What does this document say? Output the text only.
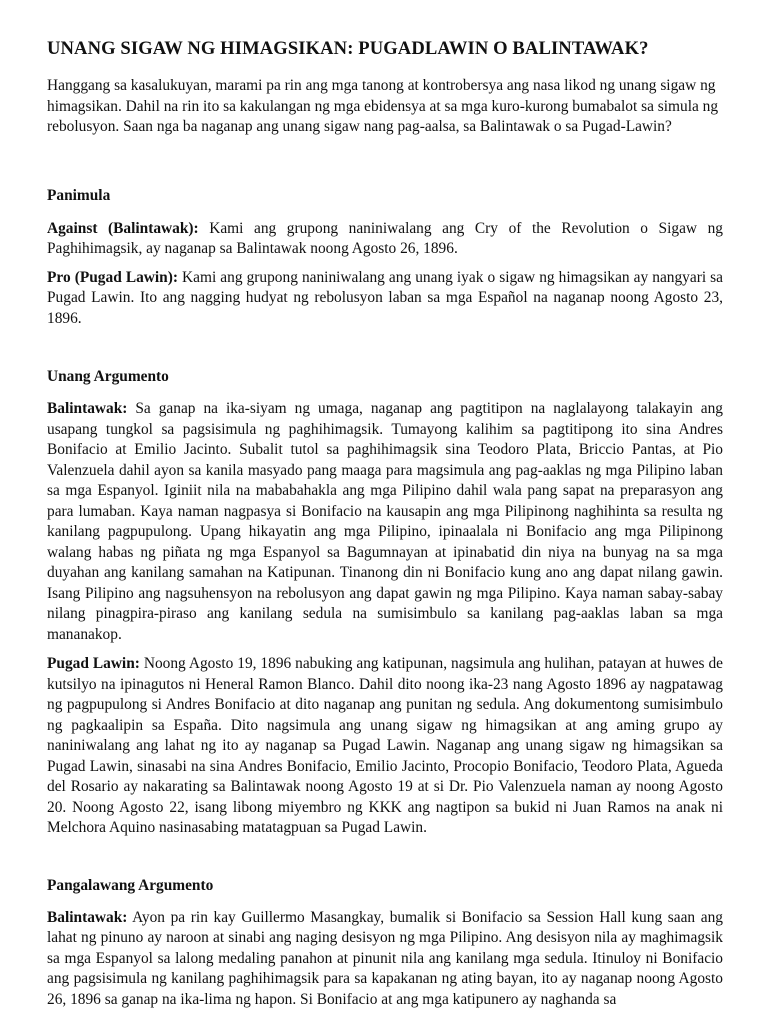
UNANG SIGAW NG HIMAGSIKAN: PUGADLAWIN O BALINTAWAK?

Hanggang sa kasalukuyan, marami pa rin ang mga tanong at kontrobersya ang nasa likod ng unang sigaw ng himagsikan. Dahil na rin ito sa kakulangan ng mga ebidensya at sa mga kuro-kurong bumabalot sa simula ng rebolusyon. Saan nga ba naganap ang unang sigaw nang pag-aalsa, sa Balintawak o sa Pugad-Lawin?

Panimula

Against (Balintawak): Kami ang grupong naniniwalang ang Cry of the Revolution o Sigaw ng Paghihimagsik, ay naganap sa Balintawak noong Agosto 26, 1896.

Pro (Pugad Lawin): Kami ang grupong naniniwalang ang unang iyak o sigaw ng himagsikan ay nangyari sa Pugad Lawin. Ito ang nagging hudyat ng rebolusyon laban sa mga Español na naganap noong Agosto 23, 1896.

Unang Argumento

Balintawak: Sa ganap na ika-siyam ng umaga, naganap ang pagtitipon na naglalayong talakayin ang usapang tungkol sa pagsisimula ng paghihimagsik. Tumayong kalihim sa pagtitipong ito sina Andres Bonifacio at Emilio Jacinto. Subalit tutol sa paghihimagsik sina Teodoro Plata, Briccio Pantas, at Pio Valenzuela dahil ayon sa kanila masyado pang maaga para magsimula ang pag-aaklas ng mga Pilipino laban sa mga Espanyol. Iginiit nila na mababahakla ang mga Pilipino dahil wala pang sapat na preparasyon ang para lumaban. Kaya naman nagpasya si Bonifacio na kausapin ang mga Pilipinong naghihinta sa resulta ng kanilang pagpupulong. Upang hikayatin ang mga Pilipino, ipinaalala ni Bonifacio ang mga Pilipinong walang habas ng piñata ng mga Espanyol sa Bagumnayan at ipinabatid din niya na bunyag na sa mga duyahan ang kanilang samahan na Katipunan. Tinanong din ni Bonifacio kung ano ang dapat nilang gawin. Isang Pilipino ang nagsuhensyon na rebolusyon ang dapat gawin ng mga Pilipino. Kaya naman sabay-sabay nilang pinagpira-piraso ang kanilang sedula na sumisimbulo sa kanilang pag-aaklas laban sa mga mananakop.

Pugad Lawin: Noong Agosto 19, 1896 nabuking ang katipunan, nagsimula ang hulihan, patayan at huwes de kutsilyo na ipinagutos ni Heneral Ramon Blanco. Dahil dito noong ika-23 nang Agosto 1896 ay nagpatawag ng pagpupulong si Andres Bonifacio at dito naganap ang punitan ng sedula. Ang dokumentong sumisimbulo ng pagkaalipin sa España. Dito nagsimula ang unang sigaw ng himagsikan at ang aming grupo ay naniniwalang ang lahat ng ito ay naganap sa Pugad Lawin. Naganap ang unang sigaw ng himagsikan sa Pugad Lawin, sinasabi na sina Andres Bonifacio, Emilio Jacinto, Procopio Bonifacio, Teodoro Plata, Agueda del Rosario ay nakarating sa Balintawak noong Agosto 19 at si Dr. Pio Valenzuela naman ay noong Agosto 20. Noong Agosto 22, isang libong miyembro ng KKK ang nagtipon sa bukid ni Juan Ramos na anak ni Melchora Aquino nasinasabing matatagpuan sa Pugad Lawin.

Pangalawang Argumento

Balintawak: Ayon pa rin kay Guillermo Masangkay, bumalik si Bonifacio sa Session Hall kung saan ang lahat ng pinuno ay naroon at sinabi ang naging desisyon ng mga Pilipino. Ang desisyon nila ay maghimagsik sa mga Espanyol sa lalong medaling panahon at pinunit nila ang kanilang mga sedula. Itinuloy ni Bonifacio ang pagsisimula ng kanilang paghihimagsik para sa kapakanan ng ating bayan, ito ay naganap noong Agosto 26, 1896 sa ganap na ika-lima ng hapon. Si Bonifacio at ang mga katipunero ay naghanda sa
